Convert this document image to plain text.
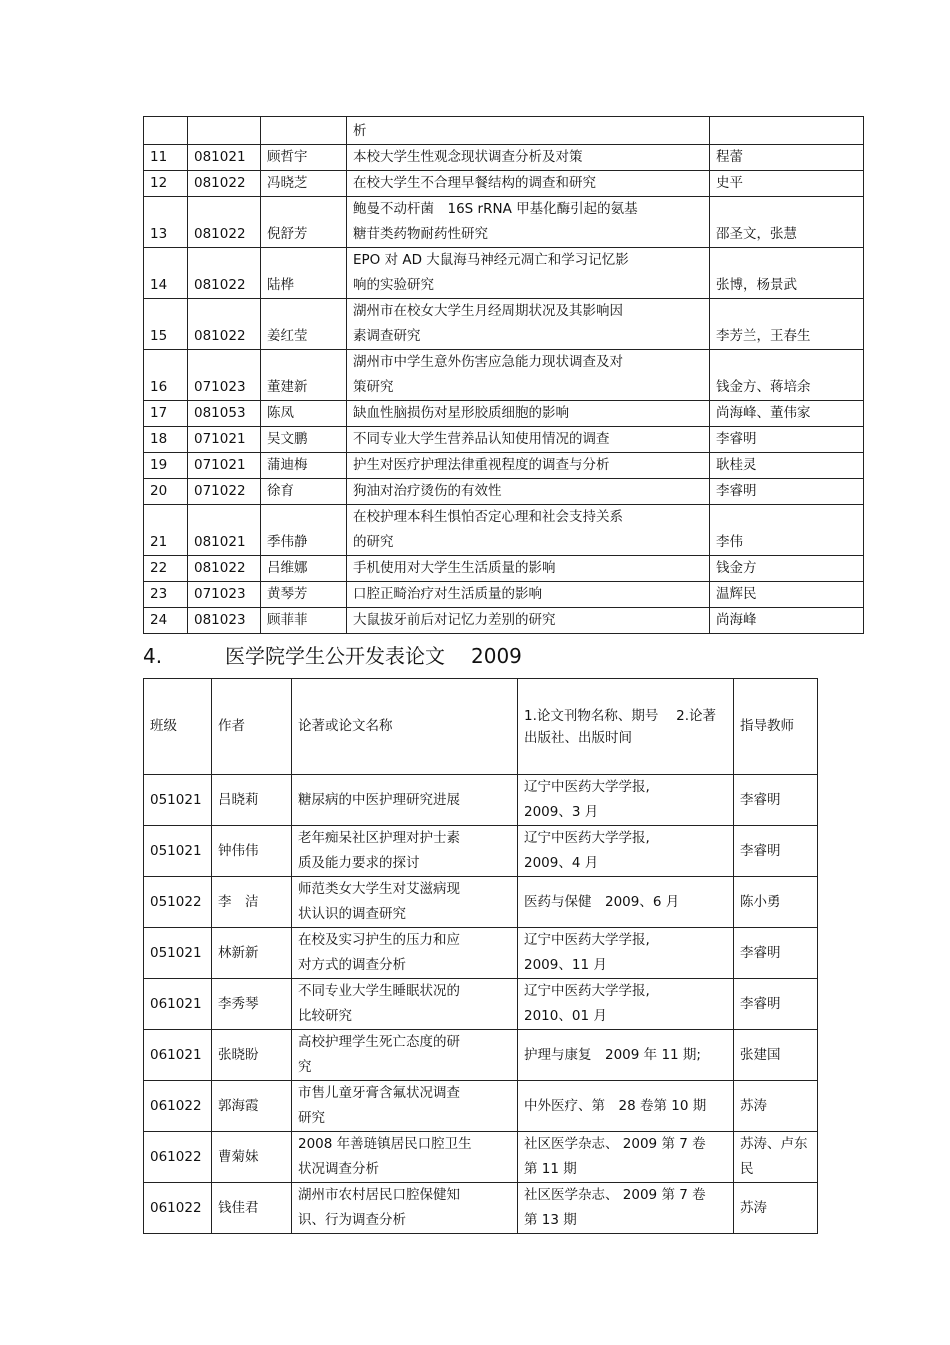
			析	

11	081021	顾哲宇	本校大学生性观念现状调查分析及对策	程蕾
12	081022	冯晓芝	在校大学生不合理早餐结构的调查和研究	史平
13	081022	倪舒芳	鲍曼不动杆菌　16S rRNA 甲基化酶引起的氨基
糖苷类药物耐药性研究	邵圣文，张慧
14	081022	陆桦	EPO 对 AD 大鼠海马神经元凋亡和学习记忆影
响的实验研究	张博，杨景武
15	081022	姜红莹	湖州市在校女大学生月经周期状况及其影响因
素调查研究	李芳兰，王春生
16	071023	董建新	湖州市中学生意外伤害应急能力现状调查及对
策研究	钱金方、蒋培余
17	081053	陈凤	缺血性脑损伤对星形胶质细胞的影响	尚海峰、董伟家
18	071021	吴文鹏	不同专业大学生营养品认知使用情况的调查	李睿明
19	071021	蒲迪梅	护生对医疗护理法律重视程度的调查与分析	耿桂灵
20	071022	徐育	狗油对治疗烫伤的有效性	李睿明
21	081021	季伟静	在校护理本科生惧怕否定心理和社会支持关系
的研究	李伟
22	081022	吕维娜	手机使用对大学生生活质量的影响	钱金方
23	071023	黄琴芳	口腔正畸治疗对生活质量的影响	温辉民
24	081023	顾菲菲	大鼠拔牙前后对记忆力差别的研究	尚海峰
4.	医学院学生公开发表论文 2009
班级	作者	论著或论文名称	1.论文刊物名称、期号　 2.论著出版社、出版时间	指导教师
051021	吕晓莉	糖尿病的中医护理研究进展	辽宁中医药大学学报,
2009、3 月	李睿明
051021	钟伟伟	老年痴呆社区护理对护士素
质及能力要求的探讨	辽宁中医药大学学报,
2009、4 月	李睿明
051022	李　洁	师范类女大学生对艾滋病现
状认识的调查研究	医药与保健　2009、6 月	陈小勇
051021	林新新	在校及实习护生的压力和应
对方式的调查分析	辽宁中医药大学学报,
2009、11 月	李睿明
061021	李秀琴	不同专业大学生睡眠状况的
比较研究	辽宁中医药大学学报,
2010、01 月	李睿明
061021	张晓盼	高校护理学生死亡态度的研
究	护理与康复　2009 年 11 期;	张建国
061022	郭海霞	市售儿童牙膏含氟状况调查
研究	中外医疗、第　28 卷第 10 期	苏涛
061022	曹菊妹	2008 年善琏镇居民口腔卫生
状况调查分析	社区医学杂志、 2009 第 7 卷
第 11 期	苏涛、卢东民
061022	钱佳君	湖州市农村居民口腔保健知
识、行为调查分析	社区医学杂志、 2009 第 7 卷
第 13 期	苏涛
